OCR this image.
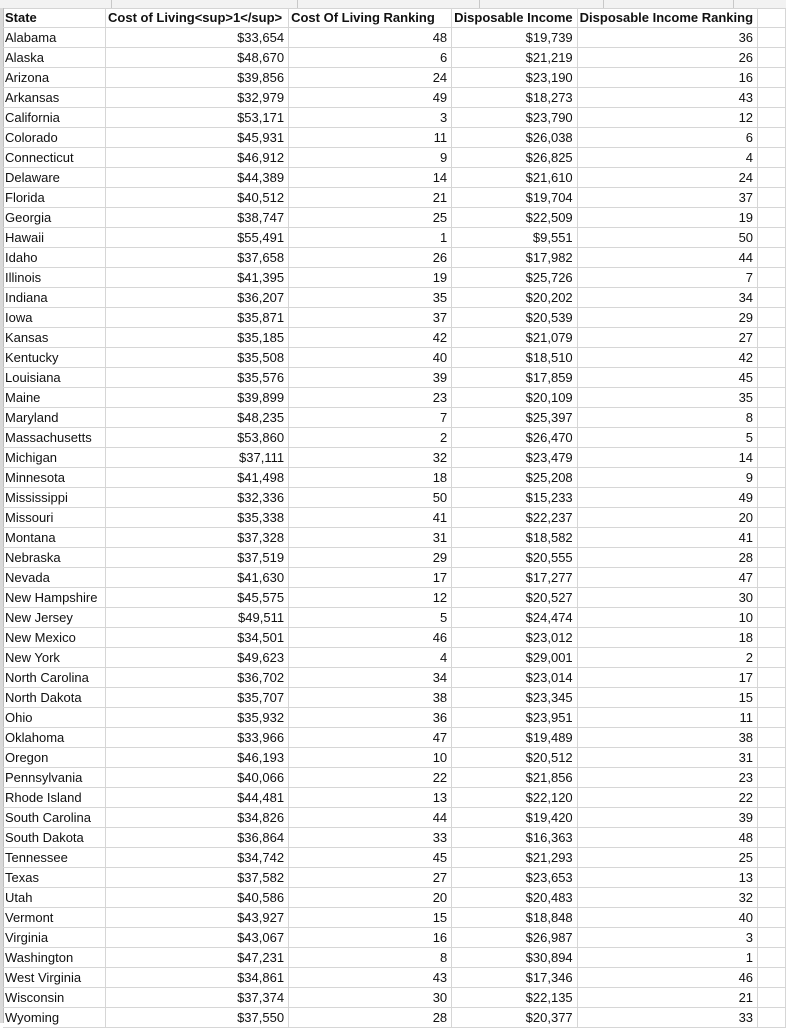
State	Cost of Living<sup>1</sup>	Cost Of Living Ranking	Disposable Income	Disposable Income Ranking	
Alabama	$33,654	48	$19,739	36	
Alaska	$48,670	6	$21,219	26	
Arizona	$39,856	24	$23,190	16	
Arkansas	$32,979	49	$18,273	43	
California	$53,171	3	$23,790	12	
Colorado	$45,931	11	$26,038	6	
Connecticut	$46,912	9	$26,825	4	
Delaware	$44,389	14	$21,610	24	
Florida	$40,512	21	$19,704	37	
Georgia	$38,747	25	$22,509	19	
Hawaii	$55,491	1	$9,551	50	
Idaho	$37,658	26	$17,982	44	
Illinois	$41,395	19	$25,726	7	
Indiana	$36,207	35	$20,202	34	
Iowa	$35,871	37	$20,539	29	
Kansas	$35,185	42	$21,079	27	
Kentucky	$35,508	40	$18,510	42	
Louisiana	$35,576	39	$17,859	45	
Maine	$39,899	23	$20,109	35	
Maryland	$48,235	7	$25,397	8	
Massachusetts	$53,860	2	$26,470	5	
Michigan	$37,111	32	$23,479	14	
Minnesota	$41,498	18	$25,208	9	
Mississippi	$32,336	50	$15,233	49	
Missouri	$35,338	41	$22,237	20	
Montana	$37,328	31	$18,582	41	
Nebraska	$37,519	29	$20,555	28	
Nevada	$41,630	17	$17,277	47	
New Hampshire	$45,575	12	$20,527	30	
New Jersey	$49,511	5	$24,474	10	
New Mexico	$34,501	46	$23,012	18	
New York	$49,623	4	$29,001	2	
North Carolina	$36,702	34	$23,014	17	
North Dakota	$35,707	38	$23,345	15	
Ohio	$35,932	36	$23,951	11	
Oklahoma	$33,966	47	$19,489	38	
Oregon	$46,193	10	$20,512	31	
Pennsylvania	$40,066	22	$21,856	23	
Rhode Island	$44,481	13	$22,120	22	
South Carolina	$34,826	44	$19,420	39	
South Dakota	$36,864	33	$16,363	48	
Tennessee	$34,742	45	$21,293	25	
Texas	$37,582	27	$23,653	13	
Utah	$40,586	20	$20,483	32	
Vermont	$43,927	15	$18,848	40	
Virginia	$43,067	16	$26,987	3	
Washington	$47,231	8	$30,894	1	
West Virginia	$34,861	43	$17,346	46	
Wisconsin	$37,374	30	$22,135	21	
Wyoming	$37,550	28	$20,377	33	
